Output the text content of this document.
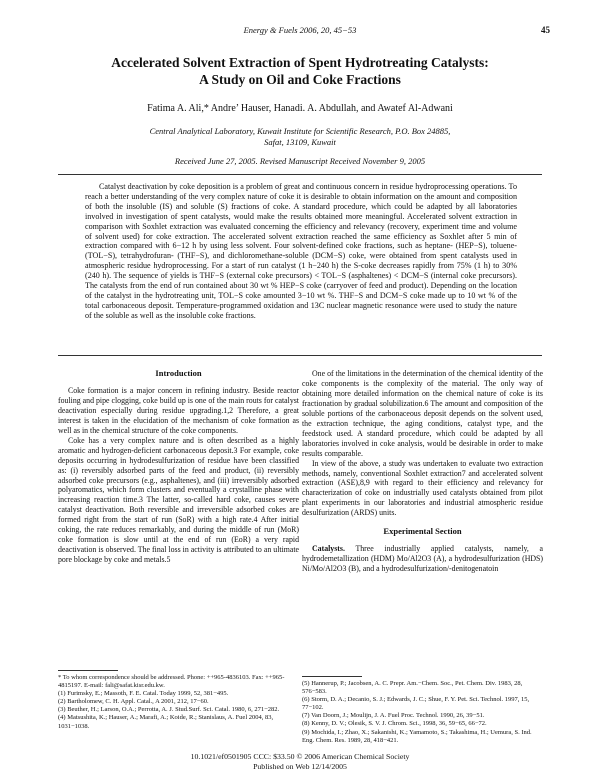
Energy & Fuels 2006, 20, 45−53	45
Accelerated Solvent Extraction of Spent Hydrotreating Catalysts:
A Study on Oil and Coke Fractions
Fatima A. Ali,* Andre’ Hauser, Hanadi. A. Abdullah, and Awatef Al-Adwani
Central Analytical Laboratory, Kuwait Institute for Scientific Research, P.O. Box 24885,
Safat, 13109, Kuwait
Received June 27, 2005. Revised Manuscript Received November 9, 2005

Catalyst deactivation by coke deposition is a problem of great and continuous concern in residue hydroprocessing operations. To reach a better understanding of the very complex nature of coke it is desirable to obtain information on the amount and composition of both the insoluble (IS) and soluble (S) fractions of coke. A standard procedure, which could be adapted by all laboratories involved in investigation of spent catalysts, would make the results obtained more meaningful. Accelerated solvent extraction in comparison with Soxhlet extraction was evaluated concerning the efficiency and relevancy (recovery, experiment time and volume of solvent used) for coke extraction. The accelerated solvent extraction reached the same efficiency as Soxhlet after 5 min of extraction compared with 6−12 h by using less solvent. Four solvent-defined coke fractions, such as heptane- (HEP−S), toluene- (TOL−S), tetrahydrofuran- (THF−S), and dichloromethane-soluble (DCM−S) coke, were obtained from spent catalysts used in atmospheric residue hydroprocessing. For a start of run catalyst (1 h−240 h) the S-coke decreases rapidly from 75% (1 h) to 30% (240 h). The sequence of yields is THF−S (external coke precursors) < TOL−S (asphaltenes) < DCM−S (internal coke precursors). The catalysts from the end of run contained about 30 wt % HEP−S coke (carryover of feed and product). Depending on the location of the catalyst in the hydrotreating unit, TOL−S coke amounted 3−10 wt %. THF−S and DCM−S coke made up to 10 wt % of the total carbonaceous deposit. Temperature-programmed oxidation and 13C nuclear magnetic resonance were used to study the nature of the soluble as well as the insoluble coke fractions.

Introduction

Coke formation is a major concern in refining industry. Beside reactor fouling and pipe clogging, coke build up is one of the main routs for catalyst deactivation especially during residue upgrading.1,2 Therefore, a great interest is taken in the elucidation of the mechanism of coke formation as well as in the chemical structure of the coke components.

Coke has a very complex nature and is often described as a highly aromatic and hydrogen-deficient carbonaceous deposit.3 For example, coke deposits occurring in hydrodesulfurization of residue have been classified as: (i) reversibly adsorbed parts of the feed and product, (ii) reversibly adsorbed coke precursors (e.g., asphaltenes), and (iii) irreversibly adsorbed polyaromatics, which form clusters and eventually a crystalline phase with increasing reaction time.3 The latter, so-called hard coke, causes severe catalyst deactivation. Both reversible and irreversible adsorbed cokes are formed right from the start of run (SoR) with a high rate.4 After initial coking, the rate reduces remarkably, and during the middle of run (MoR) coke formation is slow until at the end of run (EoR) a very rapid deactivation is observed. The final loss in activity is attributed to an ultimate pore blockage by coke and metals.5

* To whom correspondence should be addressed. Phone: ++965-4836103. Fax: ++965-4815197. E-mail: fali@safat.kisr.edu.kw.

(1) Furimsky, E.; Massoth, F. E. Catal. Today 1999, 52, 381−495.

(2) Bartholomew, C. H. Appl. Catal., A 2001, 212, 17−60.

(3) Beuther, H.; Larson, O.A.; Perrotta, A. J. Stud.Surf. Sci. Catal. 1980, 6, 271−282.

(4) Matsushita, K.; Hauser, A.; Marafi, A.; Koide, R.; Stanislaus, A. Fuel 2004, 83, 1031−1038.

One of the limitations in the determination of the chemical identity of the coke components is the complexity of the material. The only way of obtaining more detailed information on the chemical nature of coke is its fractionation by gradual solubilization.6 The amount and composition of the soluble portions of the carbonaceous deposit depends on the solvent used, the extraction technique, the aging conditions, catalyst type, and the feedstock used. A standard procedure, which could be adapted by all laboratories involved in coke analysis, would be desirable in order to make results comparable.

In view of the above, a study was undertaken to evaluate two extraction methods, namely, conventional Soxhlet extraction7 and accelerated solvent extraction (ASE),8,9 with regard to their efficiency and relevancy for characterization of coke on industrially used catalysts obtained from pilot plant experiments in our laboratories and industrial atmospheric residue desulfurization (ARDS) units.

Experimental Section

Catalysts. Three industrially applied catalysts, namely, a hydrodemetallization (HDM) Mo/Al2O3 (A), a hydrodesulfurization (HDS) Ni/Mo/Al2O3 (B), and a hydrodesulfurization/-denitogenatoin

(5) Hannerup, P.; Jacobsen, A. C. Prepr. Am.−Chem. Soc., Pet. Chem. Div. 1983, 28, 576−583.

(6) Storm, D. A.; Decanio, S. J.; Edwards, J. C.; Shue, F. Y. Pet. Sci. Technol. 1997, 15, 77−102.

(7) Van Doorn, J.; Moulijn, J. A. Fuel Proc. Technol. 1990, 26, 39−51.

(8) Kenny, D. V.; Olesik, S. V. J. Chrom. Sci., 1998, 36, 59−65, 66−72.

(9) Mochida, I.; Zhao, X.; Sakanishi, K.; Yamamoto, S.; Takashima, H.; Uemura, S. Ind. Eng. Chem. Res. 1989, 28, 418−421.

10.1021/ef0501905 CCC: $33.50 © 2006 American Chemical Society
Published on Web 12/14/2005
